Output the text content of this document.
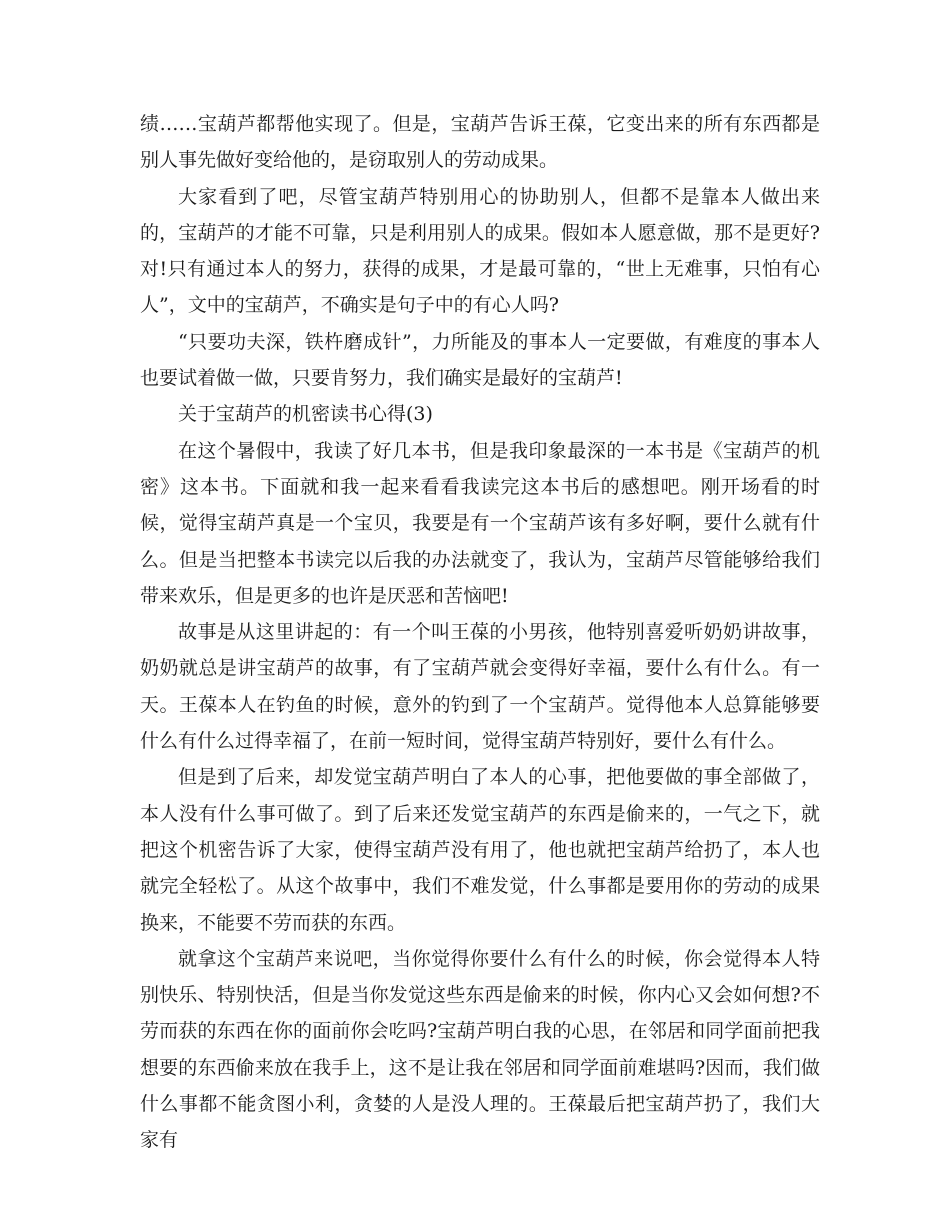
绩……宝葫芦都帮他实现了。但是，宝葫芦告诉王葆，它变出来的所有东西都是别人事先做好变给他的，是窃取别人的劳动成果。

大家看到了吧，尽管宝葫芦特别用心的协助别人，但都不是靠本人做出来的，宝葫芦的才能不可靠，只是利用别人的成果。假如本人愿意做，那不是更好?对!只有通过本人的努力，获得的成果，才是最可靠的，“世上无难事，只怕有心人”，文中的宝葫芦，不确实是句子中的有心人吗?

“只要功夫深，铁杵磨成针”，力所能及的事本人一定要做，有难度的事本人也要试着做一做，只要肯努力，我们确实是最好的宝葫芦!

关于宝葫芦的机密读书心得(3)

在这个暑假中，我读了好几本书，但是我印象最深的一本书是《宝葫芦的机密》这本书。下面就和我一起来看看我读完这本书后的感想吧。刚开场看的时候，觉得宝葫芦真是一个宝贝，我要是有一个宝葫芦该有多好啊，要什么就有什么。但是当把整本书读完以后我的办法就变了，我认为，宝葫芦尽管能够给我们带来欢乐，但是更多的也许是厌恶和苦恼吧!

故事是从这里讲起的：有一个叫王葆的小男孩，他特别喜爱听奶奶讲故事，奶奶就总是讲宝葫芦的故事，有了宝葫芦就会变得好幸福，要什么有什么。有一天。王葆本人在钓鱼的时候，意外的钓到了一个宝葫芦。觉得他本人总算能够要什么有什么过得幸福了，在前一短时间，觉得宝葫芦特别好，要什么有什么。

但是到了后来，却发觉宝葫芦明白了本人的心事，把他要做的事全部做了，本人没有什么事可做了。到了后来还发觉宝葫芦的东西是偷来的，一气之下，就把这个机密告诉了大家，使得宝葫芦没有用了，他也就把宝葫芦给扔了，本人也就完全轻松了。从这个故事中，我们不难发觉，什么事都是要用你的劳动的成果换来，不能要不劳而获的东西。

就拿这个宝葫芦来说吧，当你觉得你要什么有什么的时候，你会觉得本人特别快乐、特别快活，但是当你发觉这些东西是偷来的时候，你内心又会如何想?不劳而获的东西在你的面前你会吃吗?宝葫芦明白我的心思，在邻居和同学面前把我想要的东西偷来放在我手上，这不是让我在邻居和同学面前难堪吗?因而，我们做什么事都不能贪图小利，贪婪的人是没人理的。王葆最后把宝葫芦扔了，我们大家有
